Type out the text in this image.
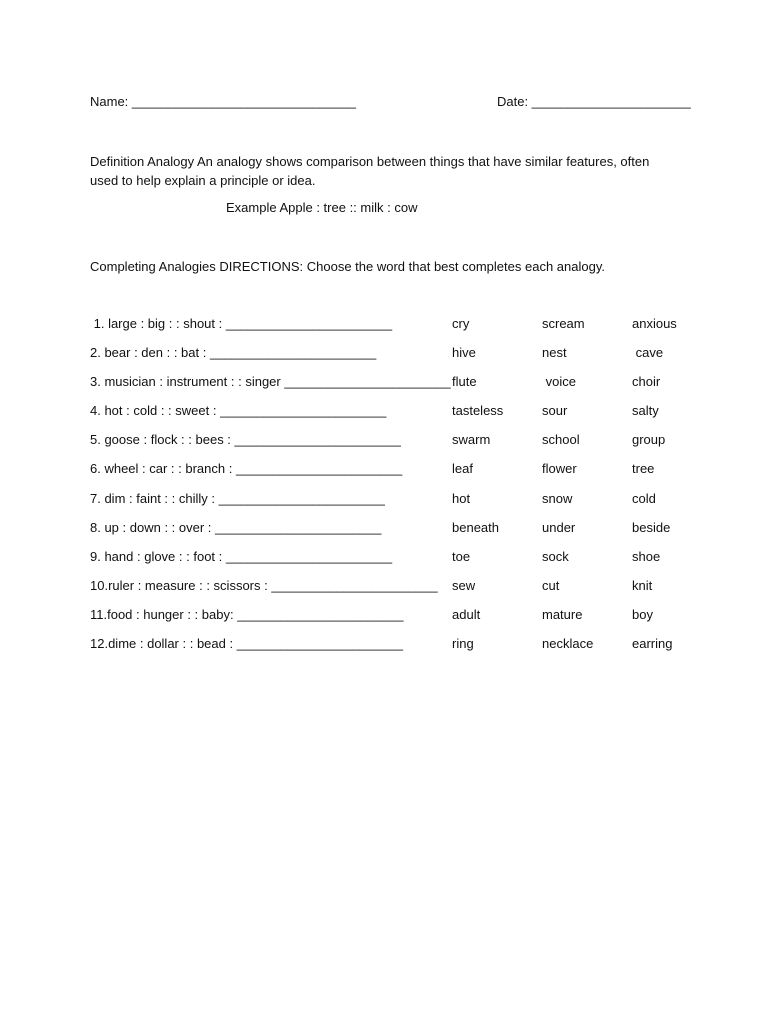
Name: _______________________________	Date: ______________________
Definition Analogy An analogy shows comparison between things that have similar features, often used to help explain a principle or idea.
Example Apple : tree :: milk : cow
Completing Analogies DIRECTIONS: Choose the word that best completes each analogy.
1. large : big : : shout : _______________________	cry	scream	anxious
2. bear : den : : bat : _______________________	hive	nest	cave
3. musician : instrument : : singer _______________________ flute	voice	choir
4. hot : cold : : sweet : _______________________	tasteless	sour	salty
5. goose : flock : : bees : _______________________	swarm	school	group
6. wheel : car : : branch : _______________________	leaf	flower	tree
7. dim : faint : : chilly : _______________________	hot	snow	cold
8. up : down : : over : _______________________	beneath	under	beside
9. hand : glove : : foot : _______________________	toe	sock	shoe
10.ruler : measure : : scissors : _______________________ sew	cut	knit
11.food : hunger : : baby: _______________________	adult	mature	boy
12.dime : dollar : : bead : _______________________	ring	necklace	earring
